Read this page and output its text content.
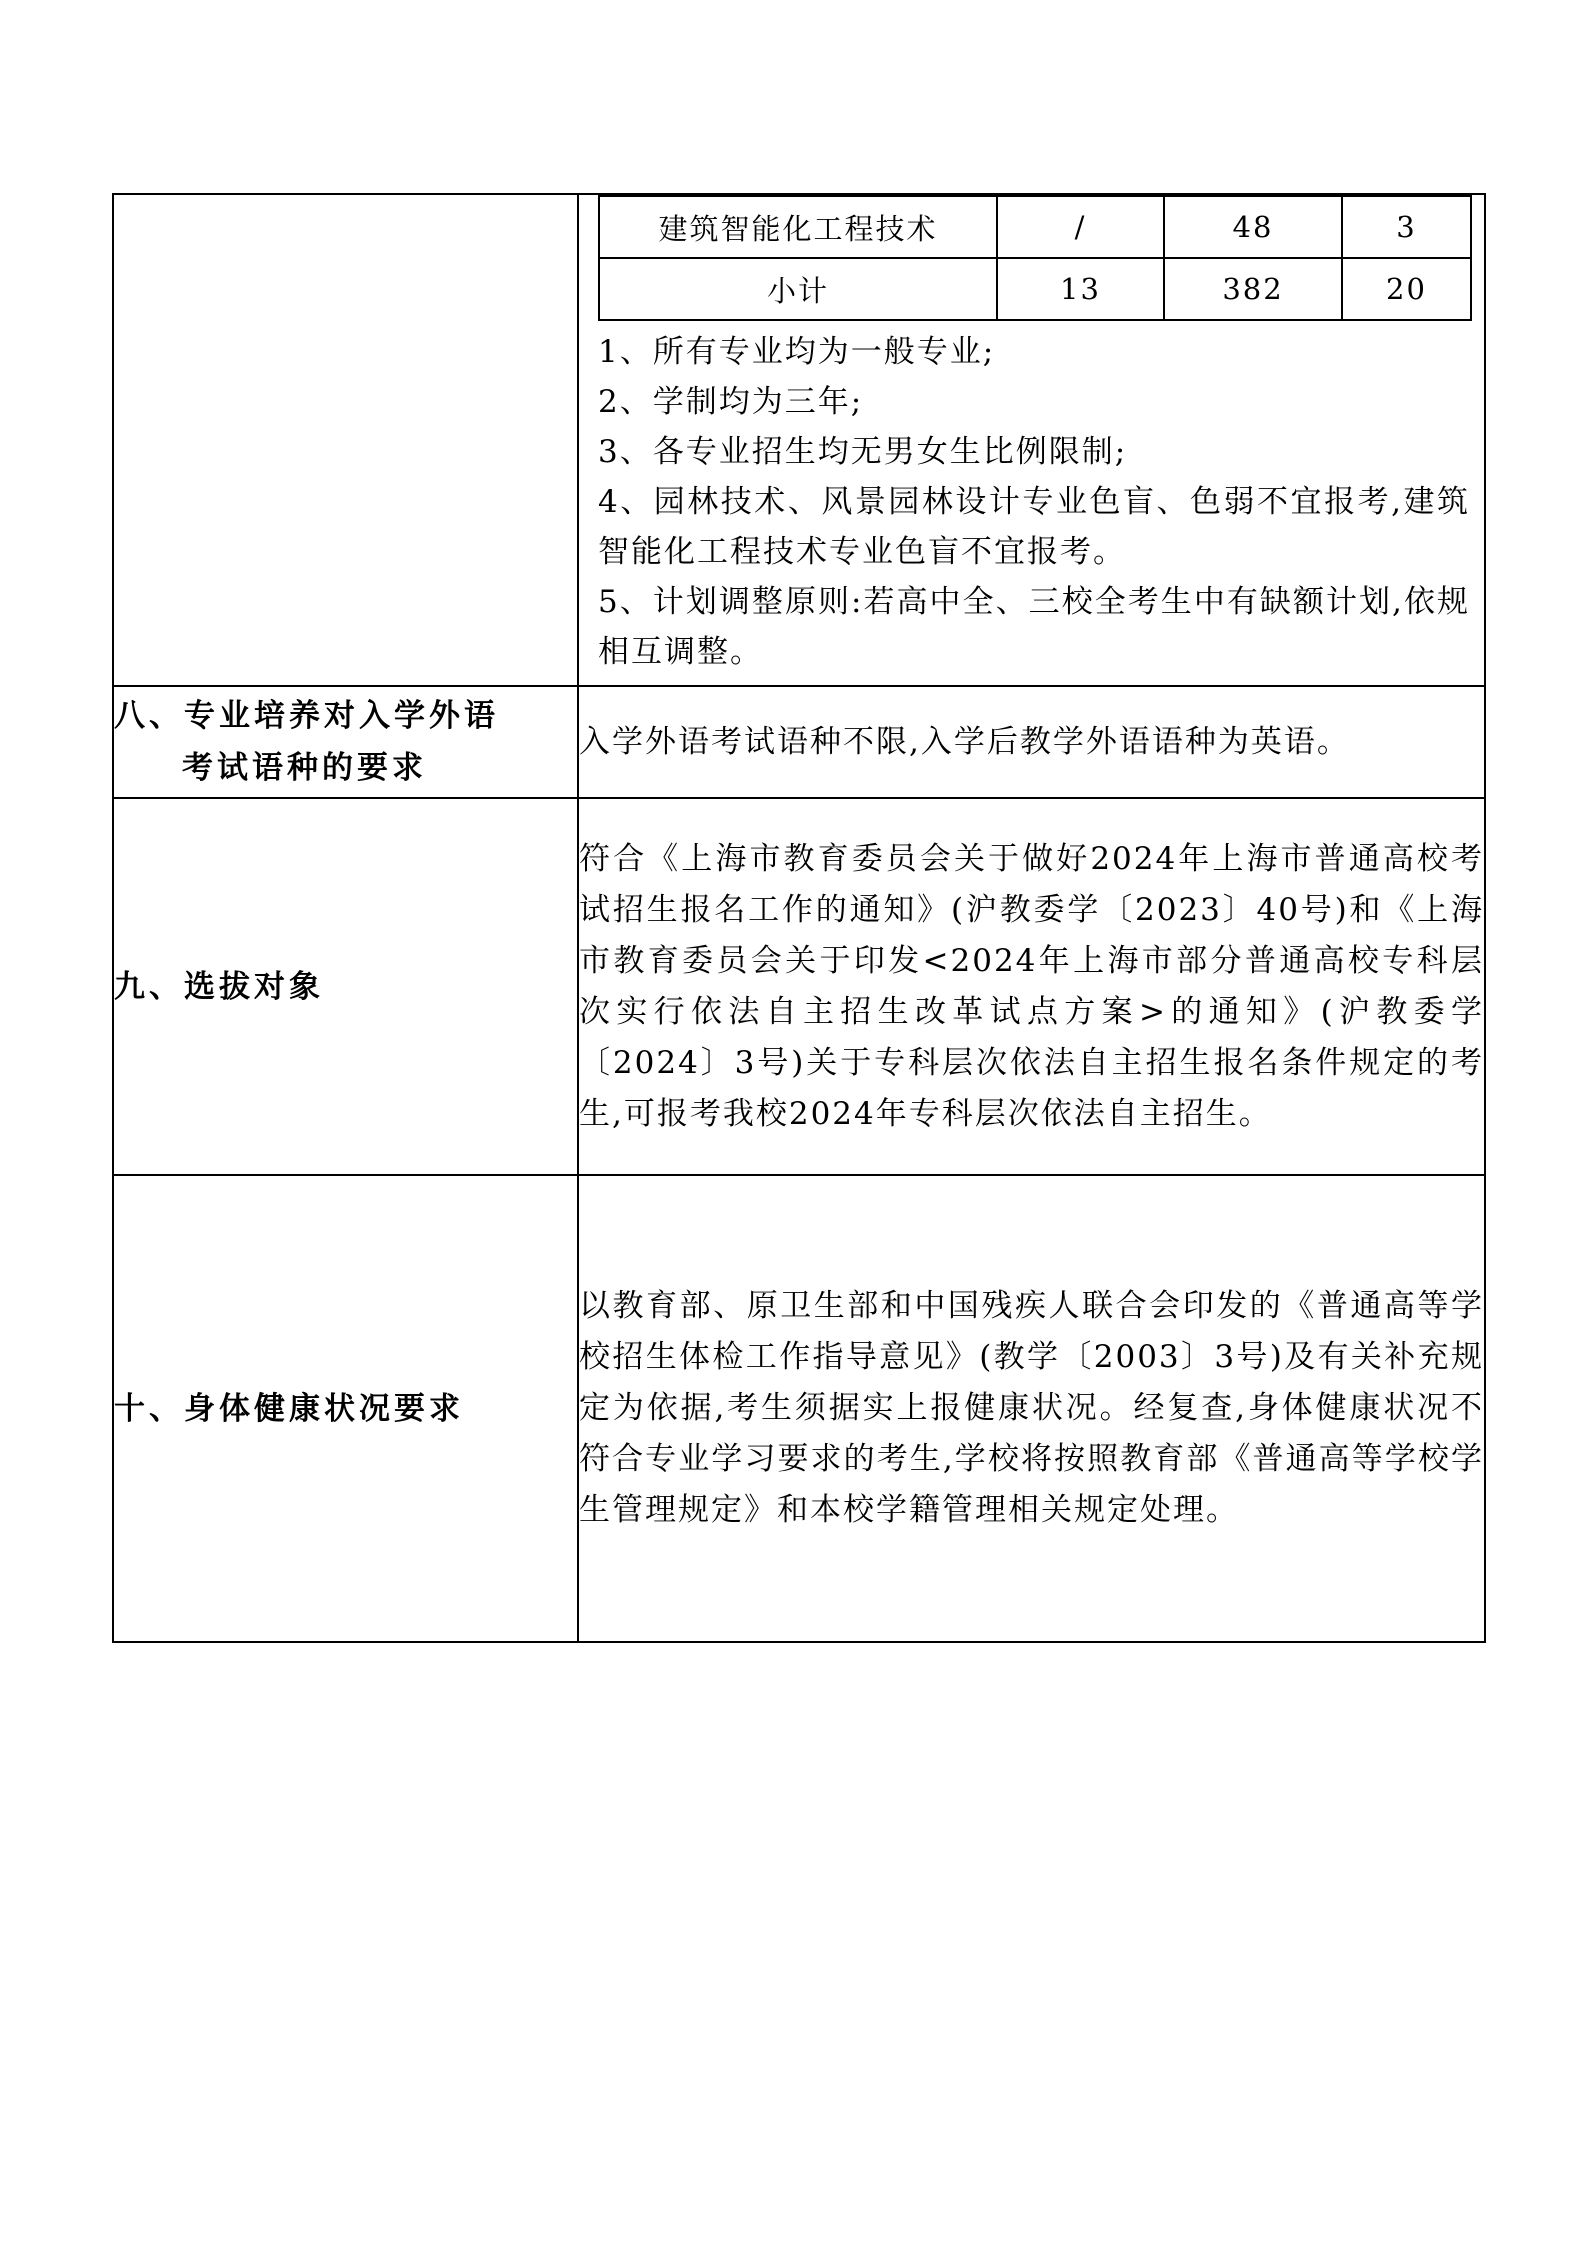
建筑智能化工程技术	/	48	3
小计	13	382	20
1、所有专业均为一般专业;
2、学制均为三年;
3、各专业招生均无男女生比例限制;
4、园林技术、风景园林设计专业色盲、色弱不宜报考,建筑智能化工程技术专业色盲不宜报考。
5、计划调整原则:若高中全、三校全考生中有缺额计划,依规相互调整。

八、专业培养对入学外语
考试语种的要求

入学外语考试语种不限,入学后教学外语语种为英语。

九、选拔对象	
符合《上海市教育委员会关于做好2024年上海市普通高校考试招生报名工作的通知》(沪教委学〔2023〕40号)和《上海市教育委员会关于印发<2024年上海市部分普通高校专科层次实行依法自主招生改革试点方案>的通知》(沪教委学〔2024〕3号)关于专科层次依法自主招生报名条件规定的考生,可报考我校2024年专科层次依法自主招生。

十、身体健康状况要求	
以教育部、原卫生部和中国残疾人联合会印发的《普通高等学校招生体检工作指导意见》(教学〔2003〕3号)及有关补充规定为依据,考生须据实上报健康状况。经复查,身体健康状况不符合专业学习要求的考生,学校将按照教育部《普通高等学校学生管理规定》和本校学籍管理相关规定处理。
